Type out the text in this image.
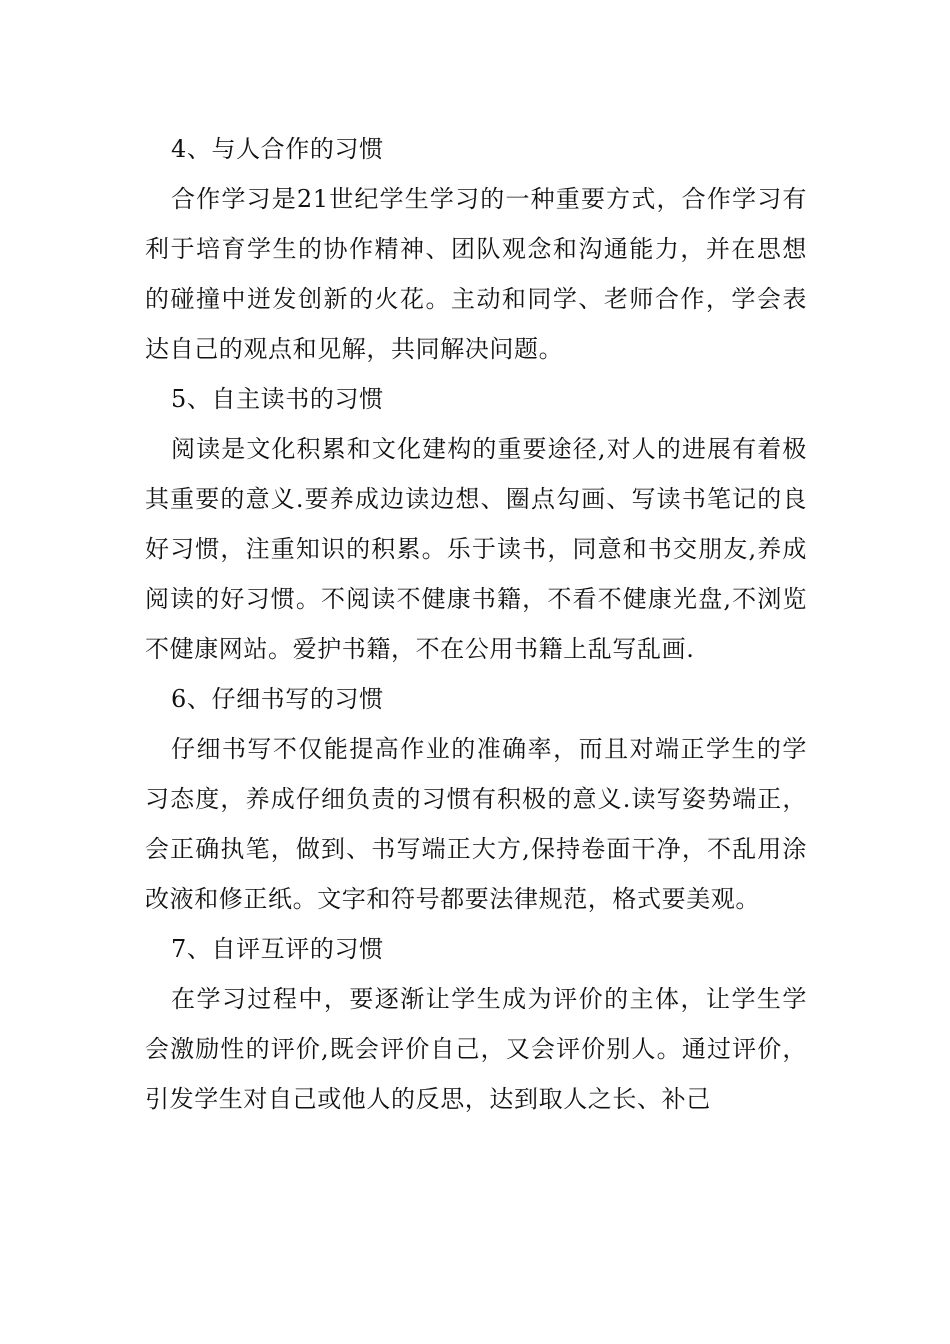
4、与人合作的习惯

合作学习是21世纪学生学习的一种重要方式，合作学习有利于培育学生的协作精神、团队观念和沟通能力，并在思想的碰撞中迸发创新的火花。主动和同学、老师合作，学会表达自己的观点和见解，共同解决问题。

5、自主读书的习惯

阅读是文化积累和文化建构的重要途径,对人的进展有着极其重要的意义.要养成边读边想、圈点勾画、写读书笔记的良好习惯，注重知识的积累。乐于读书，同意和书交朋友,养成阅读的好习惯。不阅读不健康书籍，不看不健康光盘,不浏览不健康网站。爱护书籍，不在公用书籍上乱写乱画.

6、仔细书写的习惯

仔细书写不仅能提高作业的准确率，而且对端正学生的学习态度，养成仔细负责的习惯有积极的意义.读写姿势端正，会正确执笔，做到、书写端正大方,保持卷面干净，不乱用涂改液和修正纸。文字和符号都要法律规范，格式要美观。

7、自评互评的习惯

在学习过程中，要逐渐让学生成为评价的主体，让学生学会激励性的评价,既会评价自己，又会评价别人。通过评价，引发学生对自己或他人的反思，达到取人之长、补己
